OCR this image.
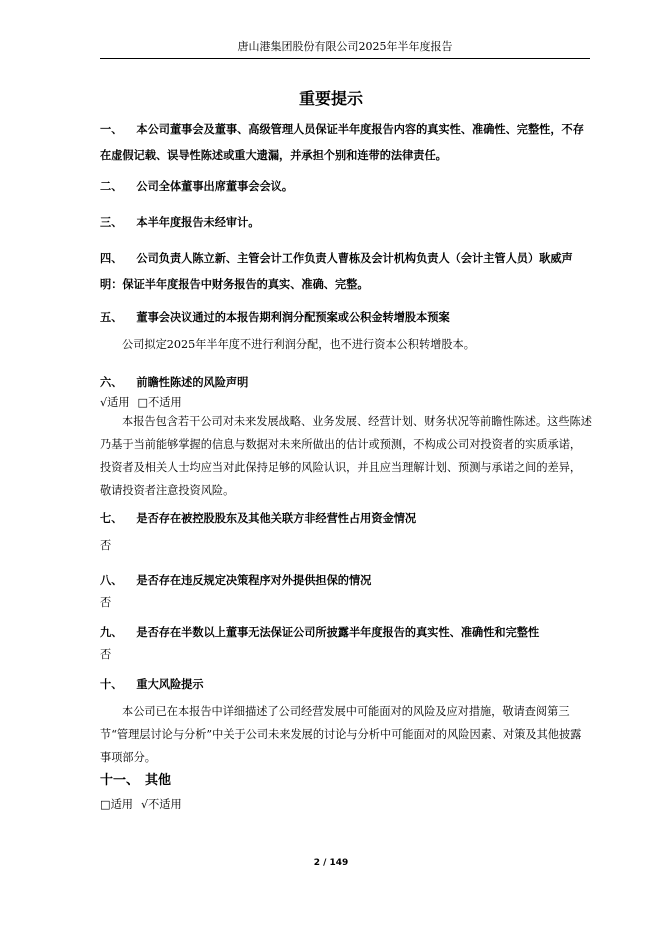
唐山港集团股份有限公司2025年半年度报告
重要提示
一、 本公司董事会及董事、高级管理人员保证半年度报告内容的真实性、准确性、完整性，不存在虚假记载、误导性陈述或重大遗漏，并承担个别和连带的法律责任。
二、 公司全体董事出席董事会会议。
三、 本半年度报告未经审计。
四、 公司负责人陈立新、主管会计工作负责人曹栋及会计机构负责人（会计主管人员）耿威声明：保证半年度报告中财务报告的真实、准确、完整。
五、 董事会决议通过的本报告期利润分配预案或公积金转增股本预案
公司拟定2025年半年度不进行利润分配，也不进行资本公积转增股本。
六、 前瞻性陈述的风险声明
√适用 □不适用
本报告包含若干公司对未来发展战略、业务发展、经营计划、财务状况等前瞻性陈述。这些陈述乃基于当前能够掌握的信息与数据对未来所做出的估计或预测，不构成公司对投资者的实质承诺，投资者及相关人士均应当对此保持足够的风险认识，并且应当理解计划、预测与承诺之间的差异，敬请投资者注意投资风险。
七、 是否存在被控股股东及其他关联方非经营性占用资金情况
否
八、 是否存在违反规定决策程序对外提供担保的情况
否
九、 是否存在半数以上董事无法保证公司所披露半年度报告的真实性、准确性和完整性
否
十、 重大风险提示
本公司已在本报告中详细描述了公司经营发展中可能面对的风险及应对措施，敬请查阅第三节“管理层讨论与分析”中关于公司未来发展的讨论与分析中可能面对的风险因素、对策及其他披露事项部分。
十一、 其他
□适用 √不适用
2 / 149
